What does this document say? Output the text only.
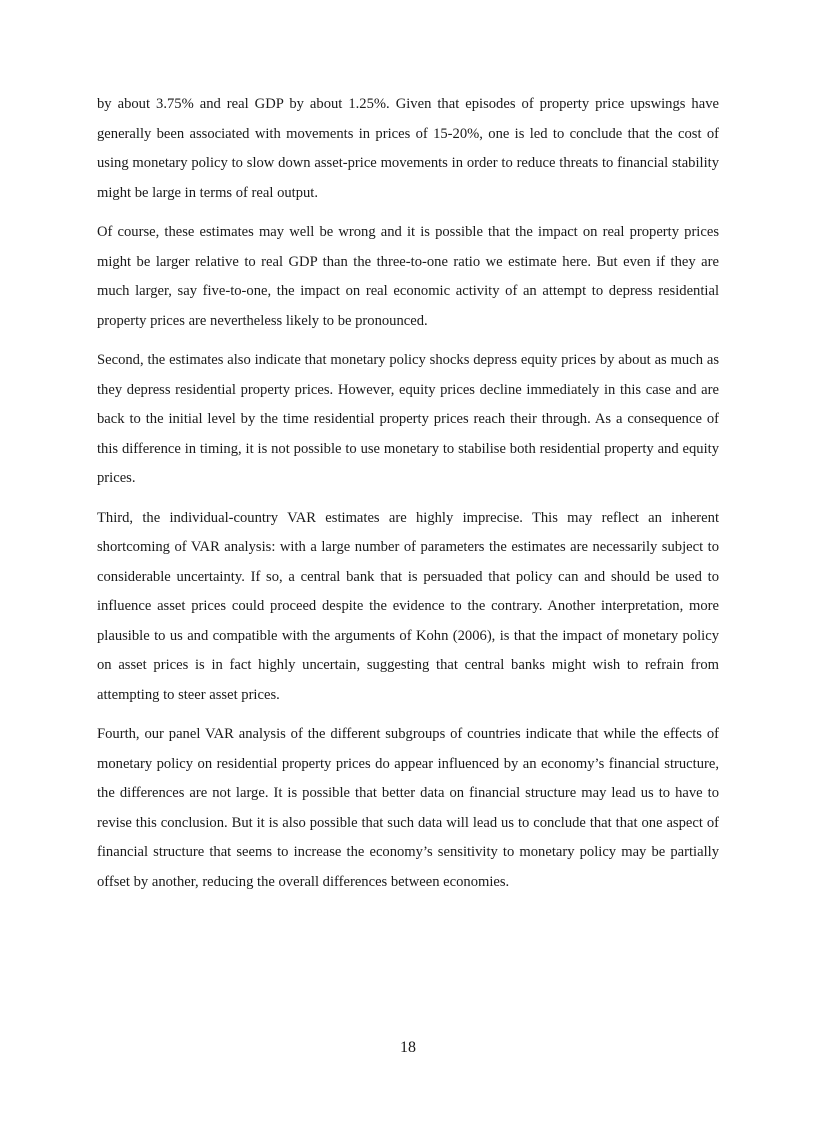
by about 3.75% and real GDP by about 1.25%. Given that episodes of property price upswings have generally been associated with movements in prices of 15-20%, one is led to conclude that the cost of using monetary policy to slow down asset-price movements in order to reduce threats to financial stability might be large in terms of real output.

Of course, these estimates may well be wrong and it is possible that the impact on real property prices might be larger relative to real GDP than the three-to-one ratio we estimate here. But even if they are much larger, say five-to-one, the impact on real economic activity of an attempt to depress residential property prices are nevertheless likely to be pronounced.

Second, the estimates also indicate that monetary policy shocks depress equity prices by about as much as they depress residential property prices. However, equity prices decline immediately in this case and are back to the initial level by the time residential property prices reach their through. As a consequence of this difference in timing, it is not possible to use monetary to stabilise both residential property and equity prices.

Third, the individual-country VAR estimates are highly imprecise. This may reflect an inherent shortcoming of VAR analysis: with a large number of parameters the estimates are necessarily subject to considerable uncertainty. If so, a central bank that is persuaded that policy can and should be used to influence asset prices could proceed despite the evidence to the contrary. Another interpretation, more plausible to us and compatible with the arguments of Kohn (2006), is that the impact of monetary policy on asset prices is in fact highly uncertain, suggesting that central banks might wish to refrain from attempting to steer asset prices.

Fourth, our panel VAR analysis of the different subgroups of countries indicate that while the effects of monetary policy on residential property prices do appear influenced by an economy’s financial structure, the differences are not large. It is possible that better data on financial structure may lead us to have to revise this conclusion. But it is also possible that such data will lead us to conclude that that one aspect of financial structure that seems to increase the economy’s sensitivity to monetary policy may be partially offset by another, reducing the overall differences between economies.

18
